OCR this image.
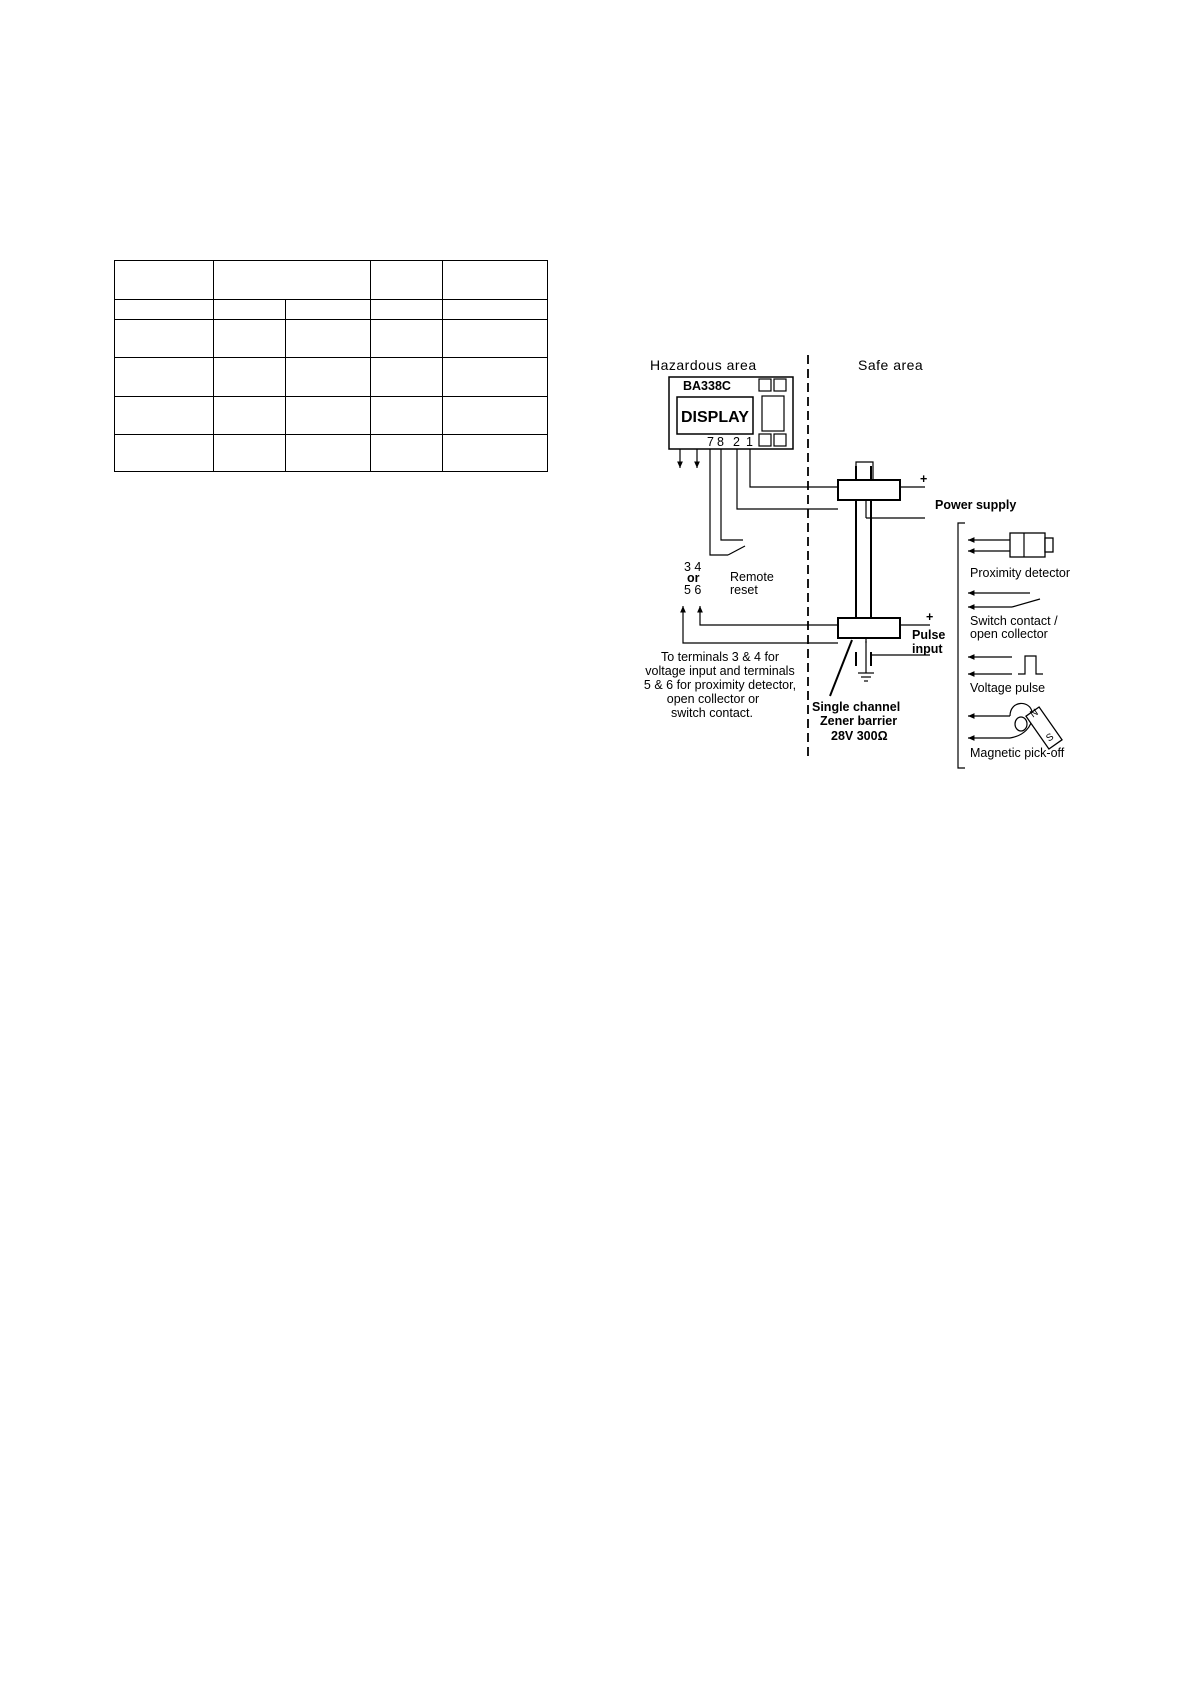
Hazardous area	Safe area
BA338C
DISPLAY
7 8 2 1
Remote
reset
3 4
or
5 6
+
Power supply
+
Pulse
input
Single channel
Zener barrier
28V 300Ω
To terminals 3 & 4 for
voltage input and terminals
5 & 6 for proximity detector,
open collector or
switch contact.
Proximity detector
Switch contact /
open collector
Voltage pulse
N
S
Magnetic pick-off
